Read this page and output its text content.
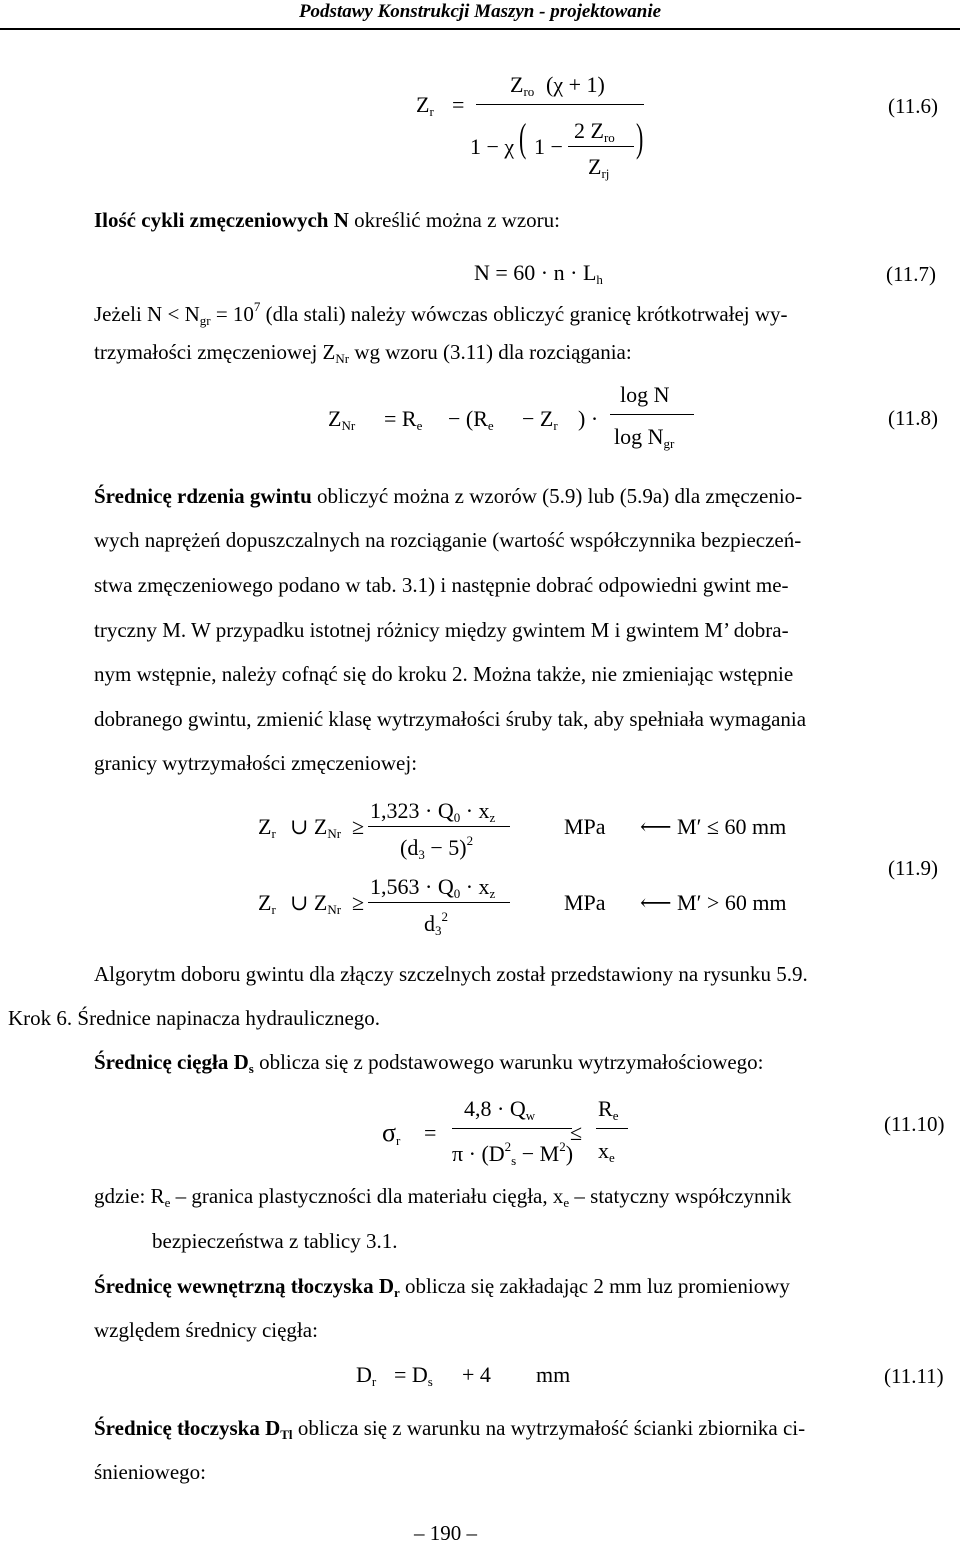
Podstawy Konstrukcji Maszyn - projektowanie
$Z_r$ =
$Z_{ro}$ (χ + 1)
1 − χ ( 1 −
2 $Z_{ro}$
$Z_{rj}$
)
(11.6)
Ilość cykli zmęczeniowych N określić można z wzoru:
$N = 60 \cdot n \cdot L_h$	(11.7)
Jeżeli $N < N_{gr} = 10^7$ (dla stali) należy wówczas obliczyć granicę krótkotrwałej wy-
trzymałości zmęczeniowej $Z_{Nr}$ wg wzoru (3.11) dla rozciągania:
$Z_{Nr} = R_e - (R_e - Z_r$ ) ·
log N
$\log N_{gr}$
(11.8)
Średnicę rdzenia gwintu obliczyć można z wzorów (5.9) lub (5.9a) dla zmęczenio-
wych naprężeń dopuszczalnych na rozciąganie (wartość współczynnika bezpieczeń-
stwa zmęczeniowego podano w tab. 3.1) i następnie dobrać odpowiedni gwint me-
tryczny M. W przypadku istotnej różnicy między gwintem M i gwintem M’ dobra-
nym wstępnie, należy cofnąć się do kroku 2. Można także, nie zmieniając wstępnie
dobranego gwintu, zmienić klasę wytrzymałości śruby tak, aby spełniała wymagania
granicy wytrzymałości zmęczeniowej:
$Z_r$ ∪ $Z_{Nr}$ ≥
$1,323 \cdot Q_0 \cdot x_z$
$(d_3 - 5)^2$
MPa ⟵ M′ ≤ 60 mm
$Z_r$ ∪ $Z_{Nr}$ ≥
$1,563 \cdot Q_0 \cdot x_z$
$d_3^2$
MPa ⟵ M′ > 60 mm
(11.9)
Algorytm doboru gwintu dla złączy szczelnych został przedstawiony na rysunku 5.9.
Krok 6. Średnice napinacza hydraulicznego.
Średnicę cięgła $D_s$ oblicza się z podstawowego warunku wytrzymałościowego:
$\sigma_r$ =
$4,8 \cdot Q_w$
$\pi \cdot (D^2_s - M^2)$
≤
$R_e$
$x_e$
(11.10)
gdzie: $R_e$ – granica plastyczności dla materiału cięgła, $x_e$ – statyczny współczynnik
bezpieczeństwa z tablicy 3.1.
Średnicę wewnętrzną tłoczyska $D_r$ oblicza się zakładając 2 mm luz promieniowy
względem średnicy cięgła:
$D_r = D_s + 4$ mm	(11.11)
Średnicę tłoczyska $D_{Tl}$ oblicza się z warunku na wytrzymałość ścianki zbiornika ci-
śnieniowego:
– 190 –
